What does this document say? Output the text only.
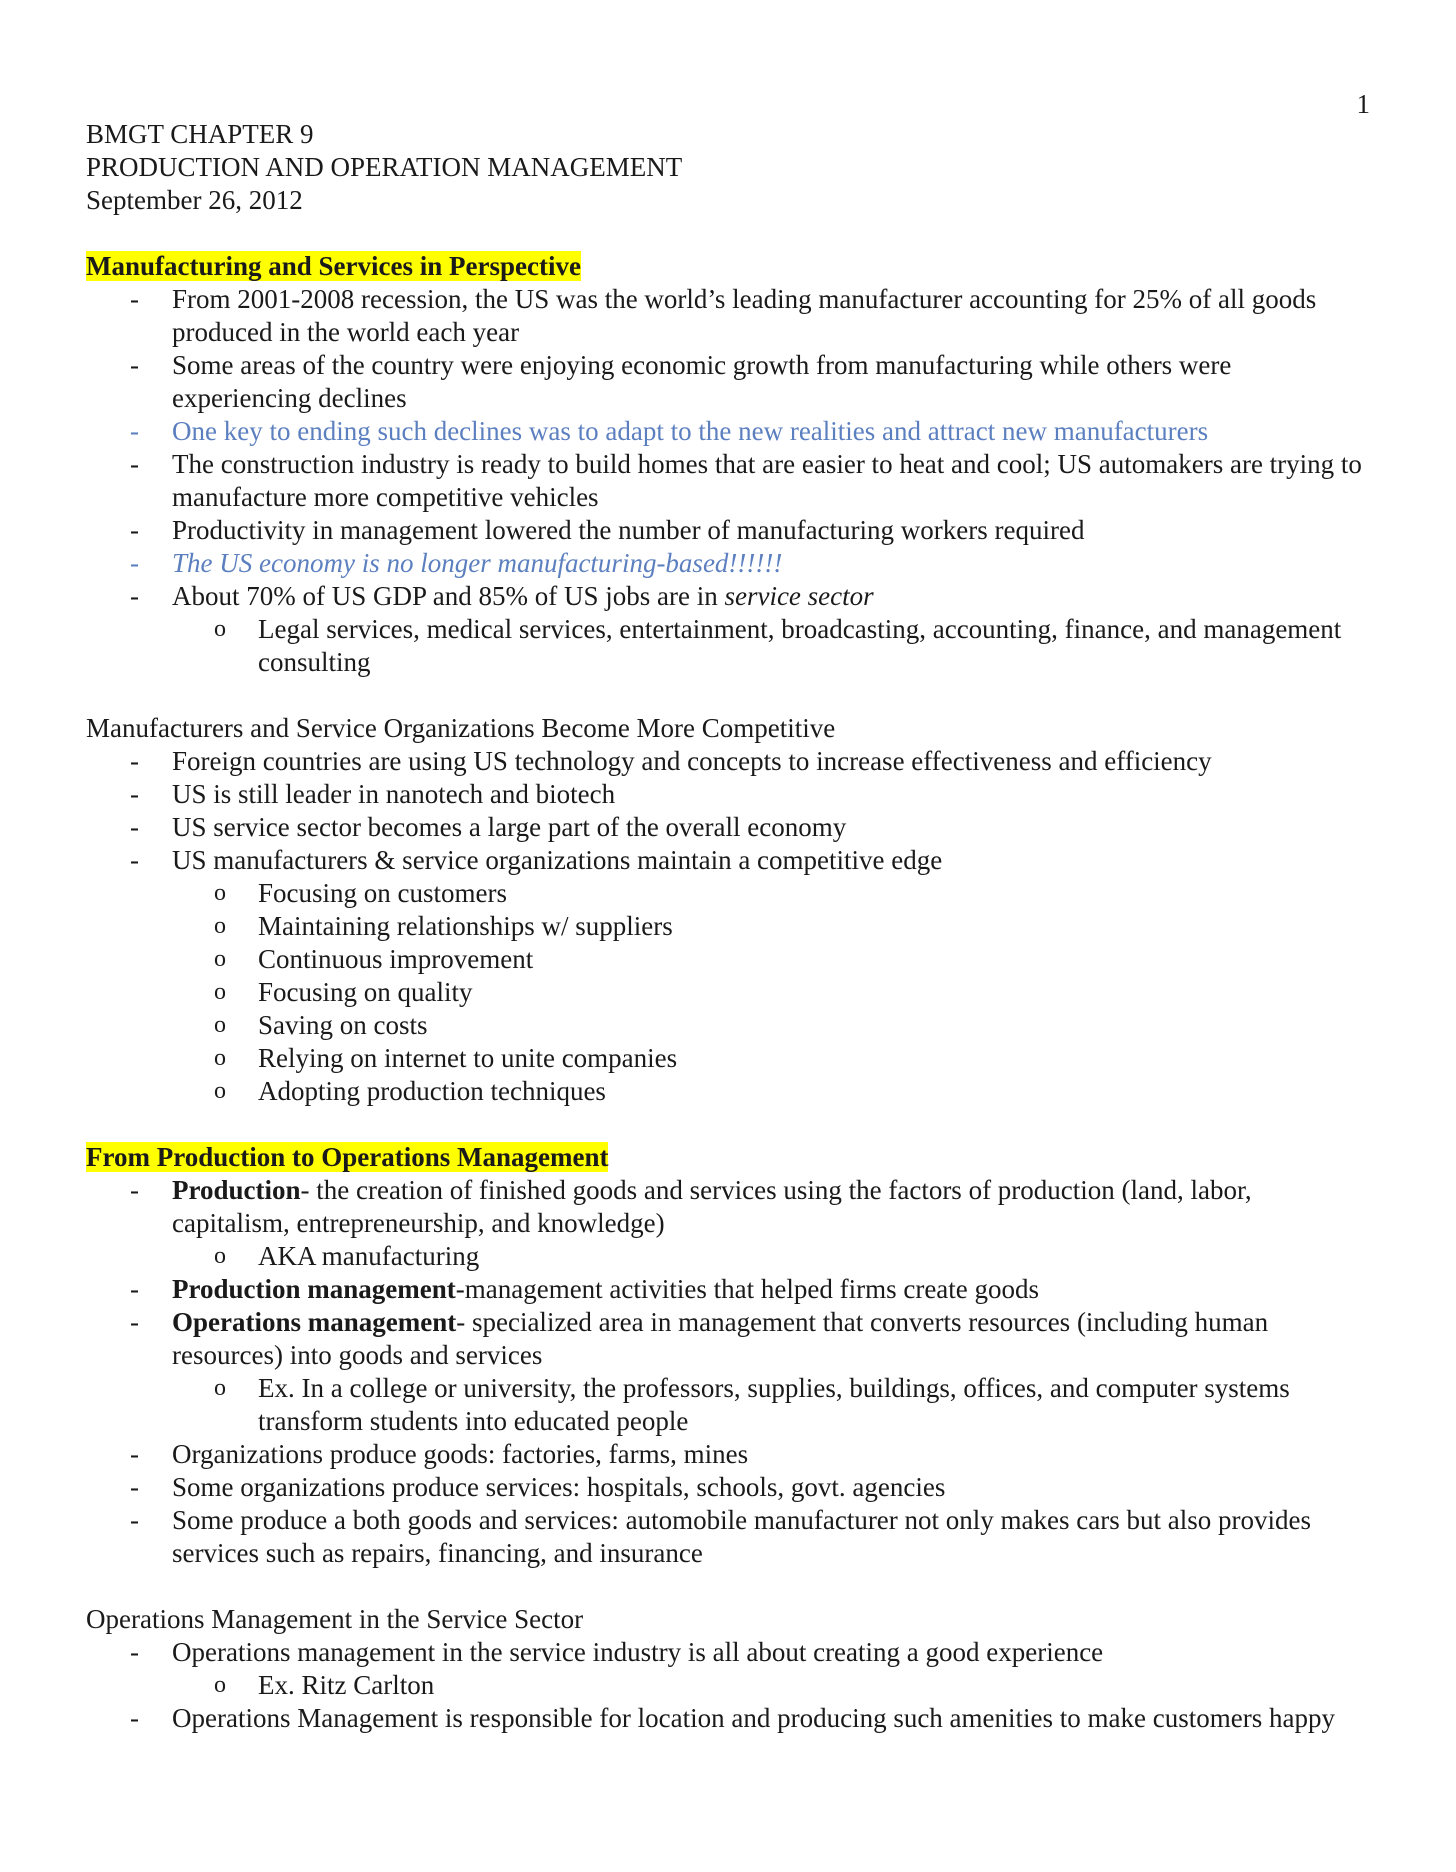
1
BMGT CHAPTER 9
PRODUCTION AND OPERATION MANAGEMENT
September 26, 2012
Manufacturing and Services in Perspective
- From 2001-2008 recession, the US was the world’s leading manufacturer accounting for 25% of all goods produced in the world each year
- Some areas of the country were enjoying economic growth from manufacturing while others were experiencing declines
- One key to ending such declines was to adapt to the new realities and attract new manufacturers
- The construction industry is ready to build homes that are easier to heat and cool; US automakers are trying to manufacture more competitive vehicles
- Productivity in management lowered the number of manufacturing workers required
- The US economy is no longer manufacturing-based!!!!!!
- About 70% of US GDP and 85% of US jobs are in service sector
o Legal services, medical services, entertainment, broadcasting, accounting, finance, and management consulting
Manufacturers and Service Organizations Become More Competitive
- Foreign countries are using US technology and concepts to increase effectiveness and efficiency
- US is still leader in nanotech and biotech
- US service sector becomes a large part of the overall economy
- US manufacturers & service organizations maintain a competitive edge
o Focusing on customers
o Maintaining relationships w/ suppliers
o Continuous improvement
o Focusing on quality
o Saving on costs
o Relying on internet to unite companies
o Adopting production techniques
From Production to Operations Management
- Production- the creation of finished goods and services using the factors of production (land, labor, capitalism, entrepreneurship, and knowledge)
o AKA manufacturing
- Production management-management activities that helped firms create goods
- Operations management- specialized area in management that converts resources (including human resources) into goods and services
o Ex. In a college or university, the professors, supplies, buildings, offices, and computer systems transform students into educated people
- Organizations produce goods: factories, farms, mines
- Some organizations produce services: hospitals, schools, govt. agencies
- Some produce a both goods and services: automobile manufacturer not only makes cars but also provides services such as repairs, financing, and insurance
Operations Management in the Service Sector
- Operations management in the service industry is all about creating a good experience
o Ex. Ritz Carlton
- Operations Management is responsible for location and producing such amenities to make customers happy
